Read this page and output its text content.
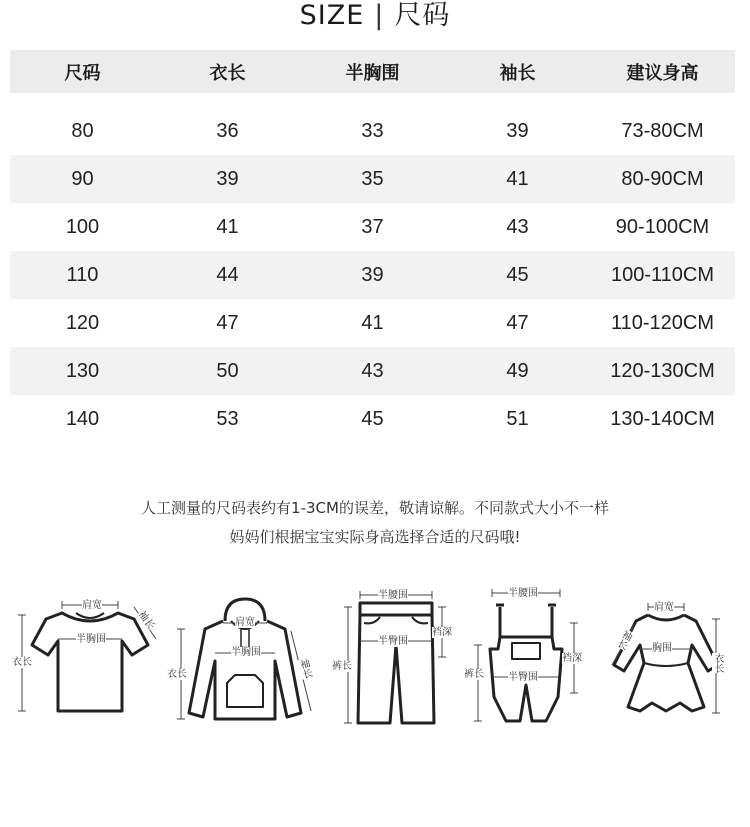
SIZE | 尺码
尺码	衣长	半胸围	袖长	建议身高

80	36	33	39	73-80CM
90	39	35	41	80-90CM
100	41	37	43	90-100CM
110	44	39	45	100-110CM
120	47	41	47	110-120CM
130	50	43	49	120-130CM
140	53	45	51	130-140CM
人工测量的尺码表约有1-3CM的误差，敬请谅解。不同款式大小不一样
妈妈们根据宝宝实际身高选择合适的尺码哦!
肩宽
袖长
半胸围
衣长
肩宽
半胸围
袖长
衣长
半腰围
半臀围
裆深
裤长
半腰围
半臀围
裆深
裤长
肩宽
袖长 胸围
衣长
